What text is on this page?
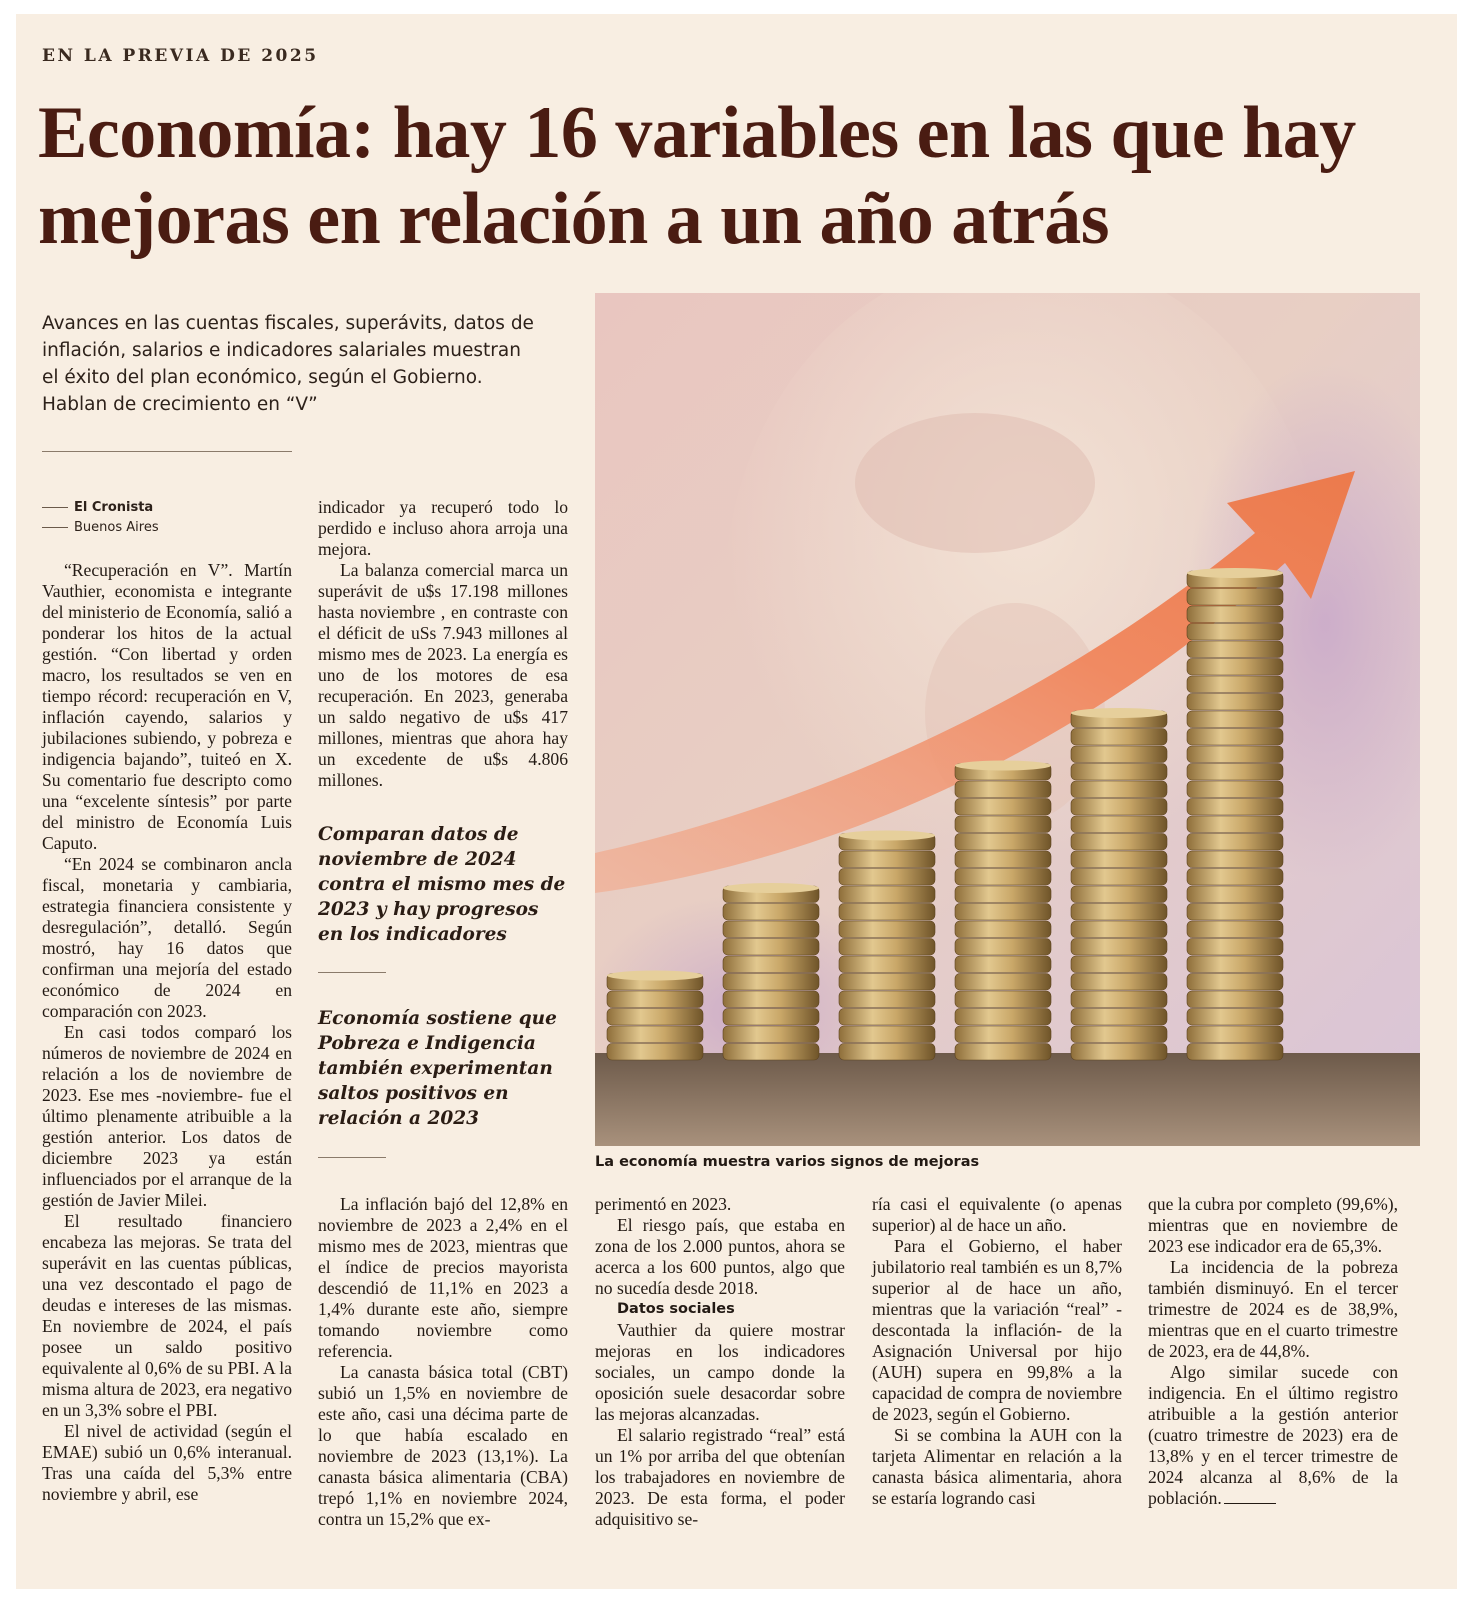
EN LA PREVIA DE 2025
Economía: hay 16 variables en las que hay
mejoras en relación a un año atrás
Avances en las cuentas fiscales, superávits, datos de inflación, salarios e indicadores salariales muestran el éxito del plan económico, según el Gobierno. Hablan de crecimiento en “V”
El Cronista
Buenos Aires

“Recuperación en V”. Martín Vauthier, economista e integrante del ministerio de Economía, salió a ponderar los hitos de la actual gestión. “Con libertad y orden macro, los resultados se ven en tiempo récord: recuperación en V, inflación cayendo, salarios y jubilaciones subiendo, y pobreza e indigencia bajando”, tuiteó en X. Su comentario fue descripto como una “excelente síntesis” por parte del ministro de Economía Luis Caputo.

“En 2024 se combinaron ancla fiscal, monetaria y cambiaria, estrategia financiera consistente y desregulación”, detalló. Según mostró, hay 16 datos que confirman una mejoría del estado económico de 2024 en comparación con 2023.

En casi todos comparó los números de noviembre de 2024 en relación a los de noviembre de 2023. Ese mes -noviembre- fue el último plenamente atribuible a la gestión anterior. Los datos de diciembre 2023 ya están influenciados por el arranque de la gestión de Javier Milei.

El resultado financiero encabeza las mejoras. Se trata del superávit en las cuentas públicas, una vez descontado el pago de deudas e intereses de las mismas. En noviembre de 2024, el país posee un saldo positivo equivalente al 0,6% de su PBI. A la misma altura de 2023, era negativo en un 3,3% sobre el PBI.

El nivel de actividad (según el EMAE) subió un 0,6% interanual. Tras una caída del 5,3% entre noviembre y abril, ese

indicador ya recuperó todo lo perdido e incluso ahora arroja una mejora.

La balanza comercial marca un superávit de u$s 17.198 millones hasta noviembre , en contraste con el déficit de uSs 7.943 millones al mismo mes de 2023. La energía es uno de los motores de esa recuperación. En 2023, generaba un saldo negativo de u$s 417 millones, mientras que ahora hay un excedente de u$s 4.806 millones.

Comparan datos de noviembre de 2024 contra el mismo mes de 2023 y hay progresos en los indicadores
Economía sostiene que Pobreza e Indigencia también experimentan saltos positivos en relación a 2023

La inflación bajó del 12,8% en noviembre de 2023 a 2,4% en el mismo mes de 2023, mientras que el índice de precios mayorista descendió de 11,1% en 2023 a 1,4% durante este año, siempre tomando noviembre como referencia.

La canasta básica total (CBT) subió un 1,5% en noviembre de este año, casi una décima parte de lo que había escalado en noviembre de 2023 (13,1%). La canasta básica alimentaria (CBA) trepó 1,1% en noviembre 2024, contra un 15,2% que ex-

perimentó en 2023.

El riesgo país, que estaba en zona de los 2.000 puntos, ahora se acerca a los 600 puntos, algo que no sucedía desde 2018.

Datos sociales

Vauthier da quiere mostrar mejoras en los indicadores sociales, un campo donde la oposición suele desacordar sobre las mejoras alcanzadas.

El salario registrado “real” está un 1% por arriba del que obtenían los trabajadores en noviembre de 2023. De esta forma, el poder adquisitivo se-

ría casi el equivalente (o apenas superior) al de hace un año.

Para el Gobierno, el haber jubilatorio real también es un 8,7% superior al de hace un año, mientras que la variación “real” -descontada la inflación- de la Asignación Universal por hijo (AUH) supera en 99,8% a la capacidad de compra de noviembre de 2023, según el Gobierno.

Si se combina la AUH con la tarjeta Alimentar en relación a la canasta básica alimentaria, ahora se estaría logrando casi

que la cubra por completo (99,6%), mientras que en noviembre de 2023 ese indicador era de 65,3%.

La incidencia de la pobreza también disminuyó. En el tercer trimestre de 2024 es de 38,9%, mientras que en el cuarto trimestre de 2023, era de 44,8%.

Algo similar sucede con indigencia. En el último registro atribuible a la gestión anterior (cuatro trimestre de 2023) era de 13,8% y en el tercer trimestre de 2024 alcanza al 8,6% de la población.

La economía muestra varios signos de mejoras
